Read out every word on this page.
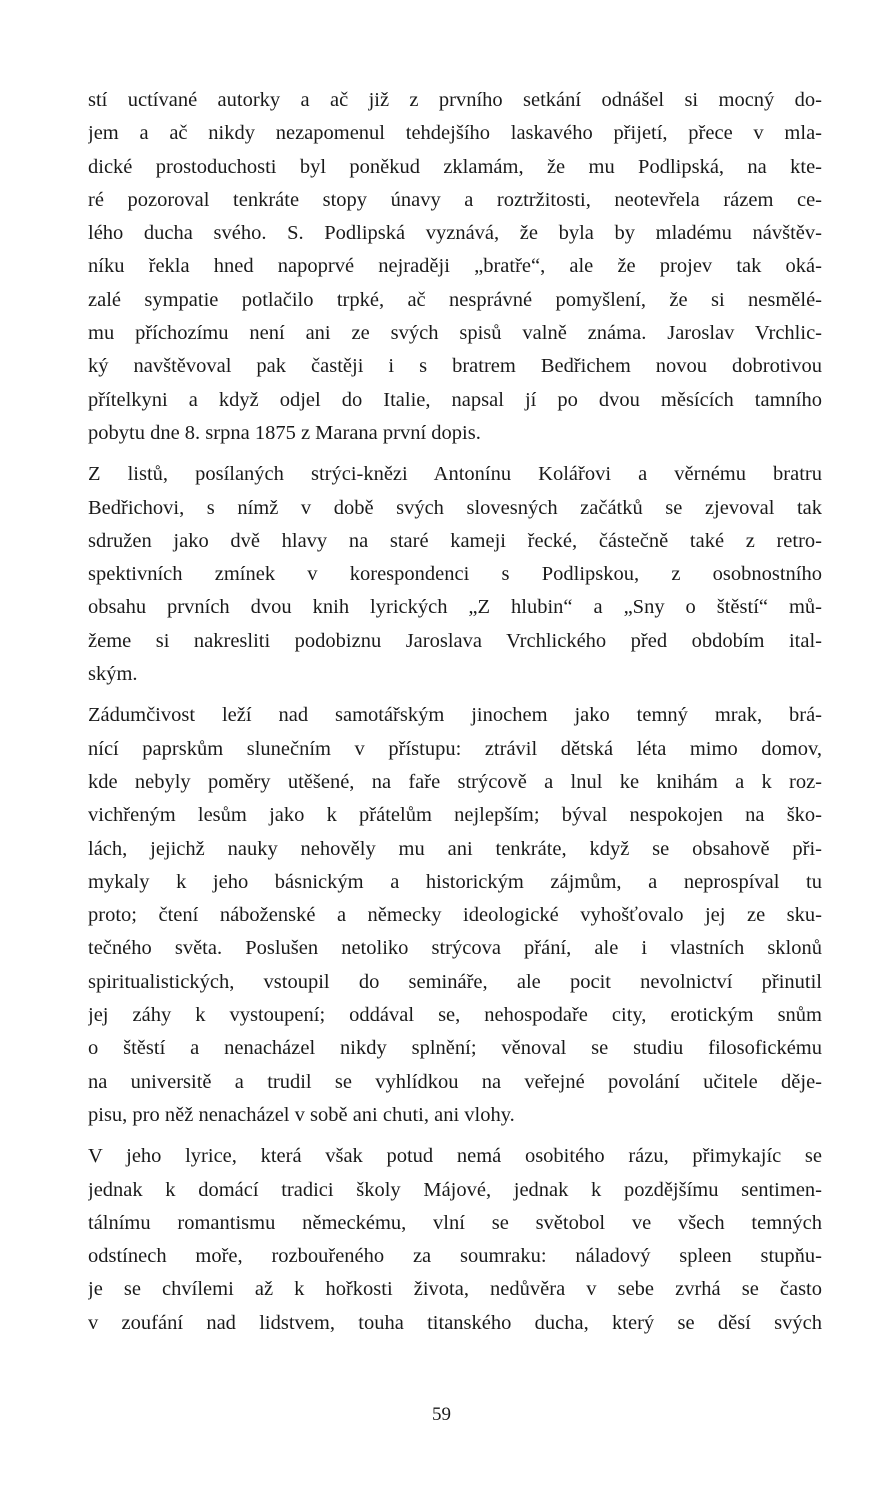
stí uctívané autorky a ač již z prvního setkání odnášel si mocný do-
jem a ač nikdy nezapomenul tehdejšího laskavého přijetí, přece v mla-
dické prostoduchosti byl poněkud zklamám, že mu Podlipská, na kte-
ré pozoroval tenkráte stopy únavy a roztržitosti, neotevřela rázem ce-
lého ducha svého. S. Podlipská vyznává, že byla by mladému návštěv-
níku řekla hned napoprvé nejraději „bratře“, ale že projev tak oká-
zalé sympatie potlačilo trpké, ač nesprávné pomyšlení, že si nesmělé-
mu příchozímu není ani ze svých spisů valně známa. Jaroslav Vrchlic-
ký navštěvoval pak častěji i s bratrem Bedřichem novou dobrotivou
přítelkyni a když odjel do Italie, napsal jí po dvou měsících tamního
pobytu dne 8. srpna 1875 z Marana první dopis.
Z listů, posílaných strýci-knězi Antonínu Kolářovi a věrnému bratru
Bedřichovi, s nímž v době svých slovesných začátků se zjevoval tak
sdružen jako dvě hlavy na staré kameji řecké, částečně také z retro-
spektivních zmínek v korespondenci s Podlipskou, z osobnostního
obsahu prvních dvou knih lyrických „Z hlubin“ a „Sny o štěstí“ mů-
žeme si nakresliti podobiznu Jaroslava Vrchlického před obdobím ital-
ským.
Zádumčivost leží nad samotářským jinochem jako temný mrak, brá-
nící paprskům slunečním v přístupu: ztrávil dětská léta mimo domov,
kde nebyly poměry utěšené, na faře strýcově a lnul ke knihám a k roz-
vichřeným lesům jako k přátelům nejlepším; býval nespokojen na ško-
lách, jejichž nauky nehověly mu ani tenkráte, když se obsahově při-
mykaly k jeho básnickým a historickým zájmům, a neprospíval tu
proto; čtení náboženské a německy ideologické vyhošťovalo jej ze sku-
tečného světa. Poslušen netoliko strýcova přání, ale i vlastních sklonů
spiritualistických, vstoupil do semináře, ale pocit nevolnictví přinutil
jej záhy k vystoupení; oddával se, nehospodaře city, erotickým snům
o štěstí a nenacházel nikdy splnění; věnoval se studiu filosofickému
na universitě a trudil se vyhlídkou na veřejné povolání učitele děje-
pisu, pro něž nenacházel v sobě ani chuti, ani vlohy.
V jeho lyrice, která však potud nemá osobitého rázu, přimykajíc se
jednak k domácí tradici školy Májové, jednak k pozdějšímu sentimen-
tálnímu romantismu německému, vlní se světobol ve všech temných
odstínech moře, rozbouřeného za soumraku: náladový spleen stupňu-
je se chvílemi až k hořkosti života, nedůvěra v sebe zvrhá se často
v zoufání nad lidstvem, touha titanského ducha, který se děsí svých
59
